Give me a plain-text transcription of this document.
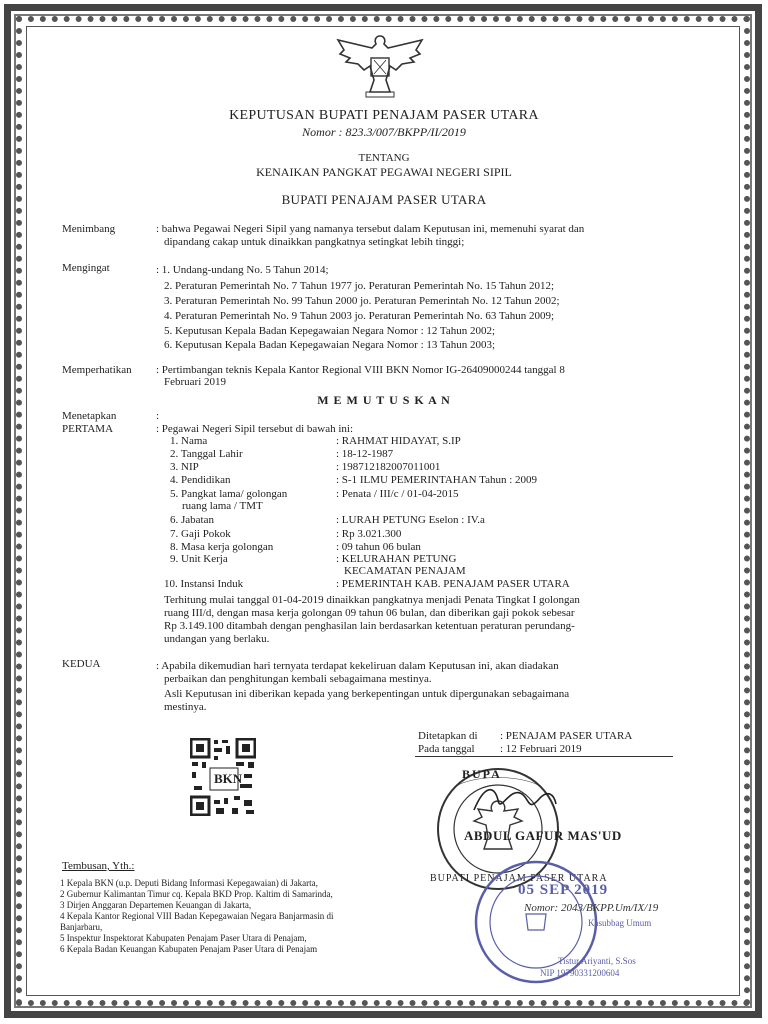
KEPUTUSAN BUPATI PENAJAM PASER UTARA
Nomor : 823.3/007/BKPP/II/2019
TENTANG
KENAIKAN PANGKAT PEGAWAI NEGERI SIPIL
BUPATI PENAJAM PASER UTARA
Menimbang	: bahwa Pegawai Negeri Sipil yang namanya tersebut dalam Keputusan ini, memenuhi syarat dan
dipandang cakap untuk dinaikkan pangkatnya setingkat lebih tinggi;
Mengingat	: 1. Undang-undang No. 5 Tahun 2014;
2. Peraturan Pemerintah No. 7 Tahun 1977 jo. Peraturan Pemerintah No. 15 Tahun 2012;
3. Peraturan Pemerintah No. 99 Tahun 2000 jo. Peraturan Pemerintah No. 12 Tahun 2002;
4. Peraturan Pemerintah No. 9 Tahun 2003 jo. Peraturan Pemerintah No. 63 Tahun 2009;
5. Keputusan Kepala Badan Kepegawaian Negara Nomor : 12 Tahun 2002;
6. Keputusan Kepala Badan Kepegawaian Negara Nomor : 13 Tahun 2003;
Memperhatikan : Pertimbangan teknis Kepala Kantor Regional VIII BKN Nomor IG-26409000244 tanggal 8
Februari 2019
M E M U T U S K A N
Menetapkan	:
PERTAMA	: Pegawai Negeri Sipil tersebut di bawah ini:
1. Nama	: RAHMAT HIDAYAT, S.IP
2. Tanggal Lahir	: 18-12-1987
3. NIP	: 198712182007011001
4. Pendidikan	: S-1 ILMU PEMERINTAHAN Tahun : 2009
5. Pangkat lama/ golongan	: Penata / III/c / 01-04-2015
ruang lama / TMT
6. Jabatan	: LURAH PETUNG Eselon : IV.a
7. Gaji Pokok	: Rp 3.021.300
8. Masa kerja golongan	: 09 tahun 06 bulan
9. Unit Kerja	: KELURAHAN PETUNG
KECAMATAN PENAJAM
10. Instansi Induk	: PEMERINTAH KAB. PENAJAM PASER UTARA
Terhitung mulai tanggal 01-04-2019 dinaikkan pangkatnya menjadi Penata Tingkat I golongan
ruang III/d, dengan masa kerja golongan 09 tahun 06 bulan, dan diberikan gaji pokok sebesar
Rp 3.149.100 ditambah dengan penghasilan lain berdasarkan ketentuan peraturan perundang-
undangan yang berlaku.
KEDUA	: Apabila dikemudian hari ternyata terdapat kekeliruan dalam Keputusan ini, akan diadakan
perbaikan dan penghitungan kembali sebagaimana mestinya.
Asli Keputusan ini diberikan kepada yang berkepentingan untuk dipergunakan sebagaimana
mestinya.
BKN
Ditetapkan di : PENAJAM PASER UTARA
Pada tanggal : 12 Februari 2019
BUPA
BUPATI PENAJAM PASER UTARA
ABDUL GAFUR MAS'UD
Tembusan, Yth.:
1 Kepala BKN (u.p. Deputi Bidang Informasi Kepegawaian) di Jakarta,
2 Gubernur Kalimantan Timur cq. Kepala BKD Prop. Kaltim di Samarinda,
3 Dirjen Anggaran Departemen Keuangan di Jakarta,
4 Kepala Kantor Regional VIII Badan Kepegawaian Negara Banjarmasin di
Banjarbaru,
5 Inspektur Inspektorat Kabupaten Penajam Paser Utara di Penajam,
6 Kepala Badan Keuangan Kabupaten Penajam Paser Utara di Penajam
05 SEP 2019
Nomor: 2043/BKPP.Um/IX/19
Kasubbag Umum
Tistur Ariyanti, S.Sos
NIP 19790331200604
